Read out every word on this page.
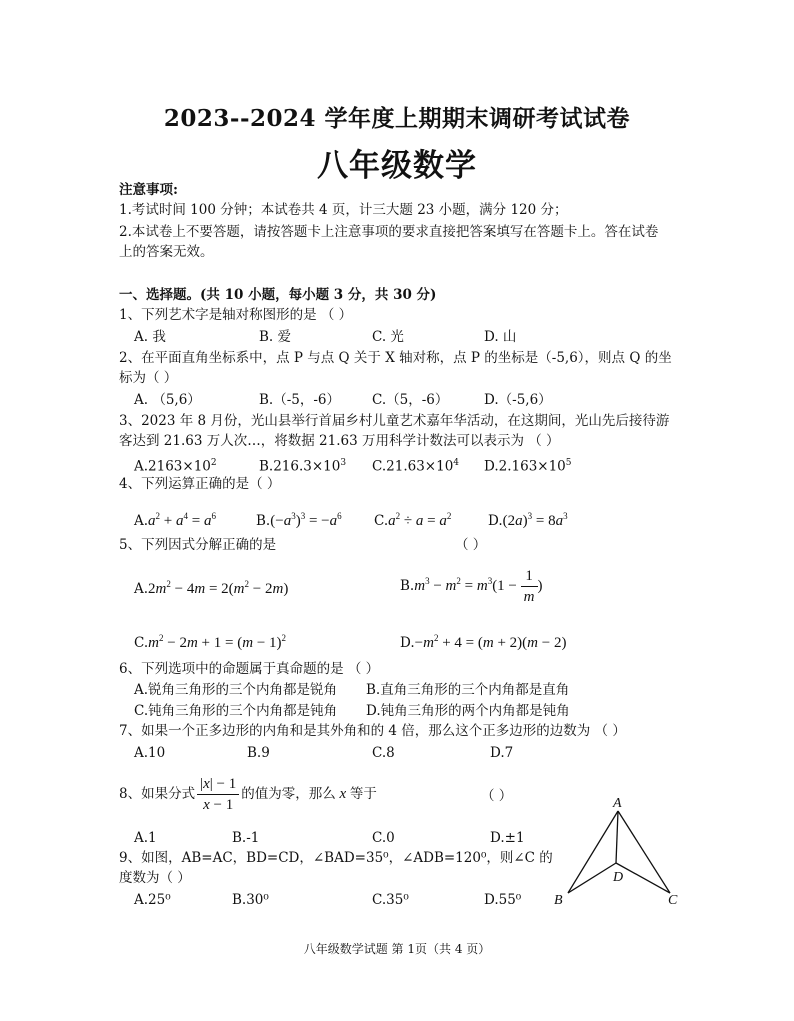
2023--2024 学年度上期期末调研考试试卷
八年级数学
注意事项:
1.考试时间 100 分钟；本试卷共 4 页，计三大题 23 小题，满分 120 分；
2.本试卷上不要答题，请按答题卡上注意事项的要求直接把答案填写在答题卡上。答在试卷
上的答案无效。
一、选择题。(共 10 小题，每小题 3 分，共 30 分)
1、下列艺术字是轴对称图形的是 （ ）
A. 我	B. 爱	C. 光	D. 山
2、在平面直角坐标系中，点 P 与点 Q 关于 X 轴对称，点 P 的坐标是（-5,6），则点 Q 的坐
标为（ ）
A. （5,6）	B.（-5，-6） C.（5，-6）	D.（-5,6）
3、2023 年 8 月份，光山县举行首届乡村儿童艺术嘉年华活动，在这期间，光山先后接待游
客达到 21.63 万人次…，将数据 21.63 万用科学计数法可以表示为 （ ）
$A.2163\times 10^2$	$B.216.3\times 10^3$ $C.21.63\times 10^4$ $D.2.163\times 10^5$
4、下列运算正确的是（ ）
$A.a^2 + a^4 = a^6$	$B.(-a^3)^3 = -a^6$ $C.a^2 \div a = a^2$	$D.(2a)^3 = 8a^3$
5、下列因式分解正确的是	（ ）
$A.2m^2 - 4m = 2(m^2 - 2m)$	$B.m^3 - m^2 = m^3(1 - \frac{1}{m}$ )
$C.m^2 - 2m + 1 = (m - 1)^2$	$D.-m^2 + 4 = (m + 2)(m - 2)$
6、下列选项中的命题属于真命题的是 （ ）
A.锐角三角形的三个内角都是锐角 B.直角三角形的三个内角都是直角
C.钝角三角形的三个内角都是钝角 D.钝角三角形的两个内角都是钝角
7、如果一个正多边形的内角和是其外角和的 4 倍，那么这个正多边形的边数为 （ ）
A.10	B.9	C.8	D.7
8、如果分式 $\frac{|x| - 1}{x - 1}$ 的值为零，那么 x 等于	（ ）
A.1	B.-1	C.0	D.±1
9、如图，AB=AC，BD=CD，∠BAD=35⁰，∠ADB=120⁰，则∠C 的
度数为（ ）
A.25⁰	B.30⁰	C.35⁰	D.55⁰
A
B	C
D
八年级数学试题 第 1页（共 4 页）
